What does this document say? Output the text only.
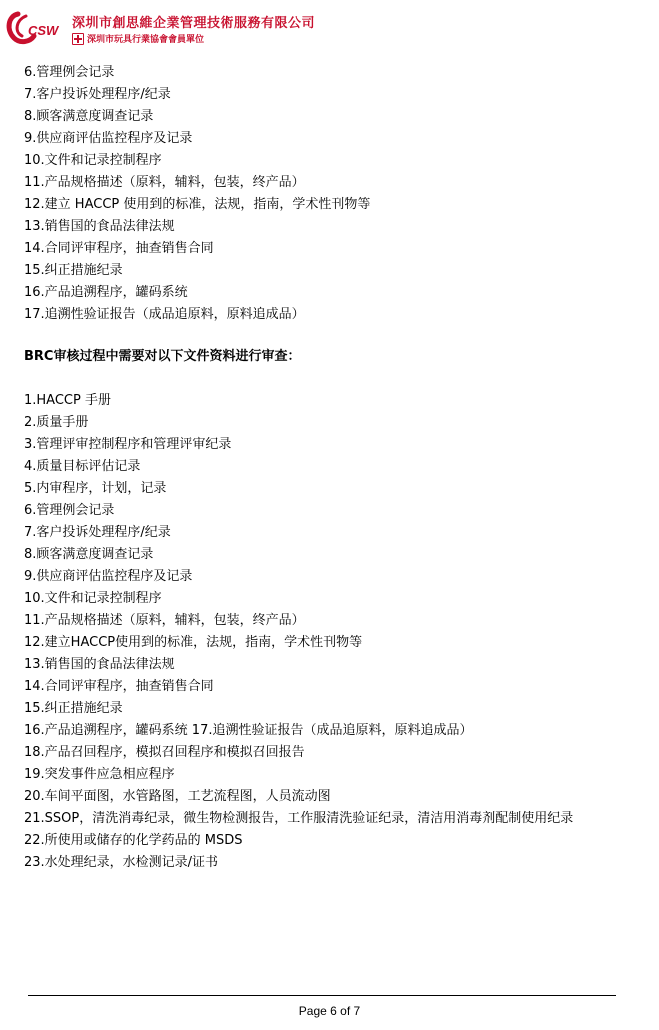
CSW 深圳市創思維企業管理技術服務有限公司
深圳市玩具行業協會會員單位
6.管理例会记录
7.客户投诉处理程序/纪录
8.顾客满意度调查记录
9.供应商评估监控程序及记录
10.文件和记录控制程序
11.产品规格描述（原料，辅料，包装，终产品）
12.建立 HACCP 使用到的标准，法规，指南，学术性刊物等
13.销售国的食品法律法规
14.合同评审程序，抽查销售合同
15.纠正措施纪录
16.产品追溯程序，罐码系统
17.追溯性验证报告（成品追原料，原料追成品）
BRC审核过程中需要对以下文件资料进行审查：
1.HACCP 手册
2.质量手册
3.管理评审控制程序和管理评审纪录
4.质量目标评估记录
5.内审程序，计划，记录
6.管理例会记录
7.客户投诉处理程序/纪录
8.顾客满意度调查记录
9.供应商评估监控程序及记录
10.文件和记录控制程序
11.产品规格描述（原料，辅料，包装，终产品）
12.建立HACCP使用到的标准，法规，指南，学术性刊物等
13.销售国的食品法律法规
14.合同评审程序，抽查销售合同
15.纠正措施纪录
16.产品追溯程序，罐码系统 17.追溯性验证报告（成品追原料，原料追成品）
18.产品召回程序，模拟召回程序和模拟召回报告
19.突发事件应急相应程序
20.车间平面图，水管路图，工艺流程图，人员流动图
21.SSOP，清洗消毒纪录，微生物检测报告，工作服清洗验证纪录，清洁用消毒剂配制使用纪录
22.所使用或储存的化学药品的 MSDS
23.水处理纪录，水检测记录/证书
Page 6 of 7
